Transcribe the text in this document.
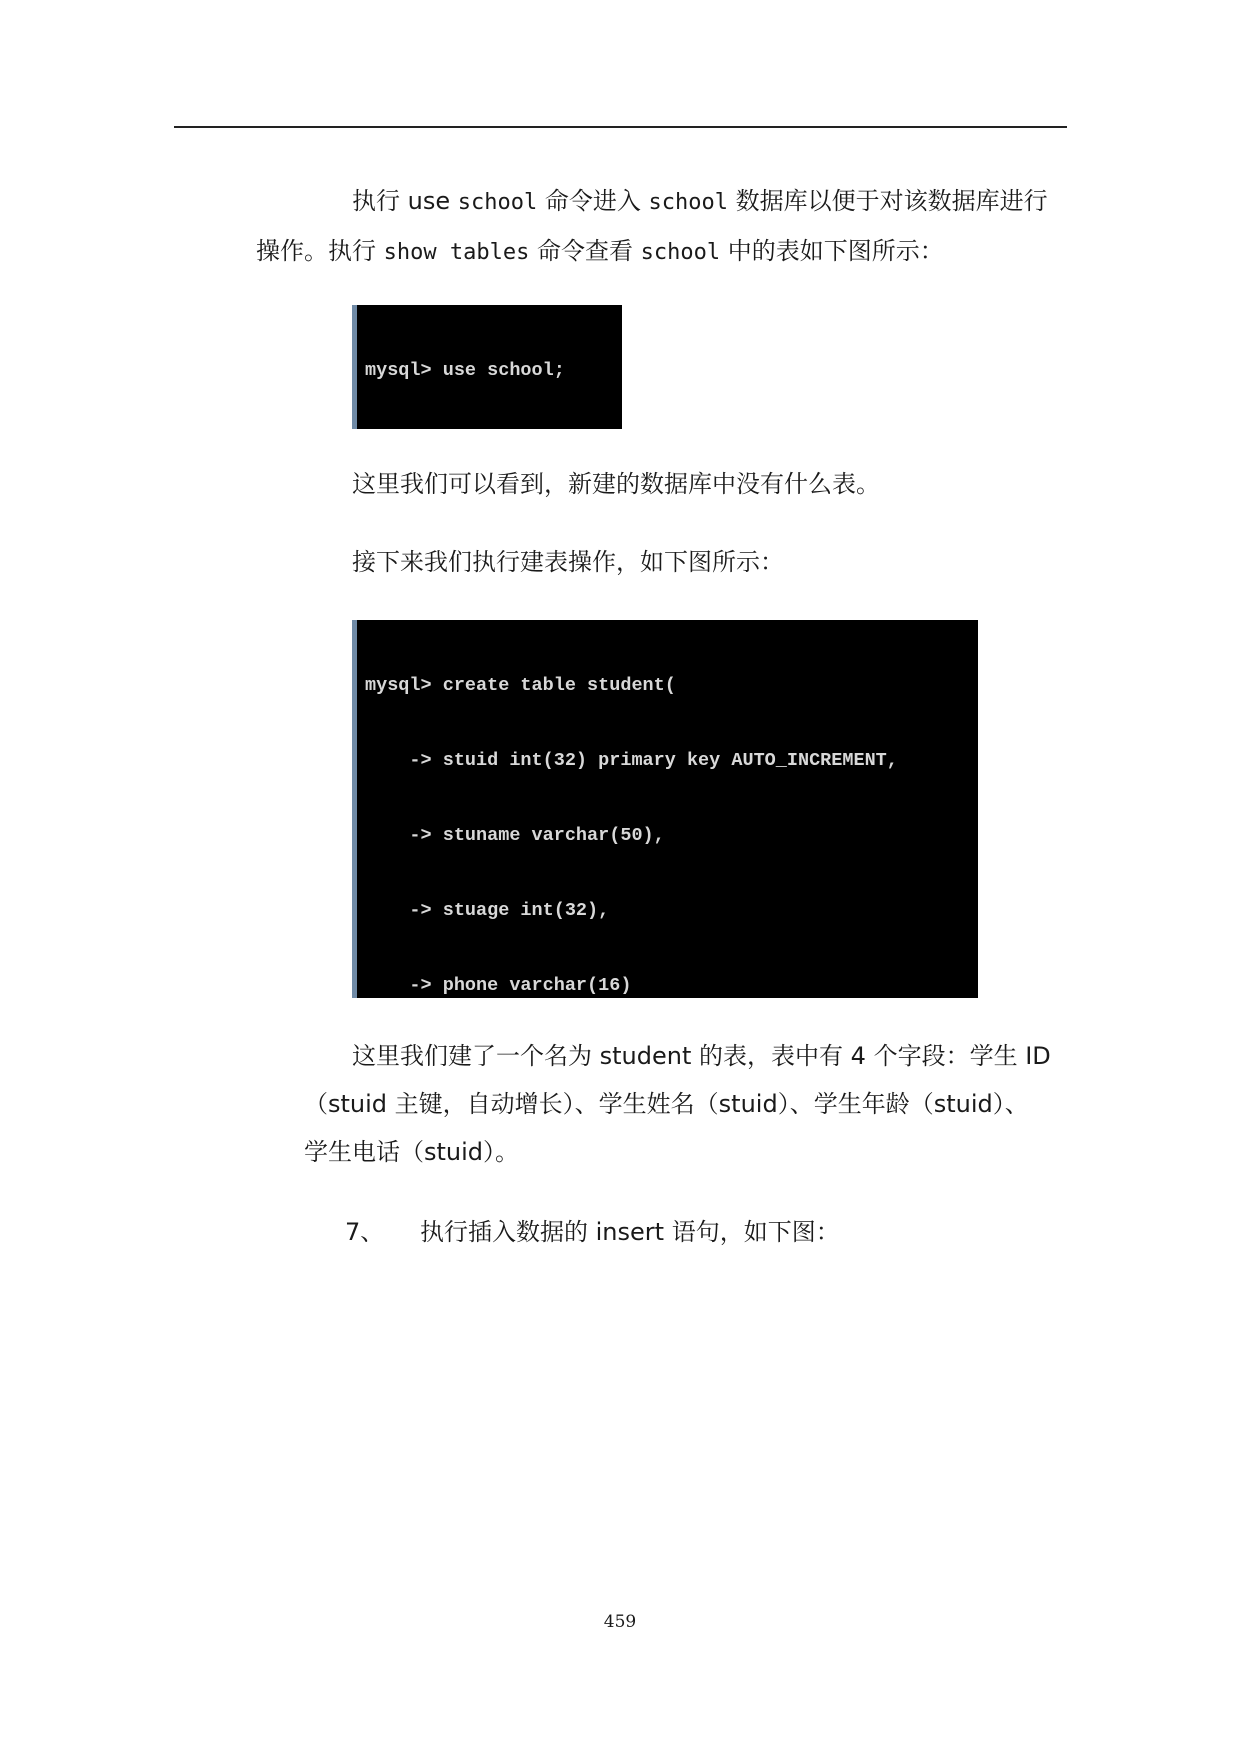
执行 use school 命令进入 school 数据库以便于对该数据库进行
操作。执行 show tables 命令查看 school 中的表如下图所示：

mysql> use school;

这里我们可以看到，新建的数据库中没有什么表。

接下来我们执行建表操作，如下图所示：

mysql> create table student(

-> stuid int(32) primary key AUTO_INCREMENT,

-> stuname varchar(50),

-> stuage int(32),

-> phone varchar(16)

这里我们建了一个名为 student 的表，表中有 4 个字段：学生 ID
（stuid 主键，自动增长）、学生姓名（stuid）、学生年龄（stuid）、
学生电话（stuid）。

7、 执行插入数据的 insert 语句，如下图：

459
